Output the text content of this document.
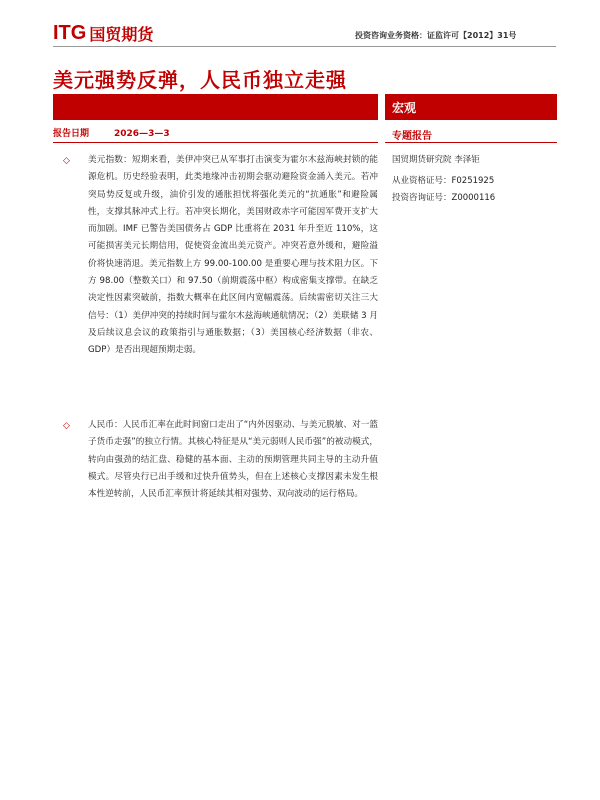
ITG 国贸期货	投资咨询业务资格：证监许可【2012】31号
美元强势反弹，人民币独立走强
宏观
报告日期	2026—3—3	专题报告
国贸期货研究院 李泽钜
从业资格证号：F0251925
投资咨询证号：Z0000116
◇ 美元指数：短期来看，美伊冲突已从军事打击演变为霍尔木兹海峡封锁的能源危机。历史经验表明，此类地缘冲击初期会驱动避险资金涌入美元。若冲突局势反复或升级，油价引发的通胀担忧将强化美元的“抗通胀”和避险属性，支撑其脉冲式上行。若冲突长期化，美国财政赤字可能因军费开支扩大而加剧。IMF 已警告美国债务占 GDP 比重将在 2031 年升至近 110%，这可能损害美元长期信用，促使资金流出美元资产。冲突若意外缓和，避险溢价将快速消退。美元指数上方 99.00-100.00 是重要心理与技术阻力区。下方 98.00（整数关口）和 97.50（前期震荡中枢）构成密集支撑带。在缺乏决定性因素突破前，指数大概率在此区间内宽幅震荡。后续需密切关注三大信号：（1）美伊冲突的持续时间与霍尔木兹海峡通航情况；（2）美联储 3 月及后续议息会议的政策指引与通胀数据；（3）美国核心经济数据（非农、GDP）是否出现超预期走弱。

◇ 人民币：人民币汇率在此时间窗口走出了“内外因驱动、与美元脱敏、对一篮子货币走强”的独立行情。其核心特征是从“美元弱则人民币强”的被动模式，转向由强劲的结汇盘、稳健的基本面、主动的预期管理共同主导的主动升值模式。尽管央行已出手缓和过快升值势头，但在上述核心支撑因素未发生根本性逆转前，人民币汇率预计将延续其相对强势、双向波动的运行格局。
